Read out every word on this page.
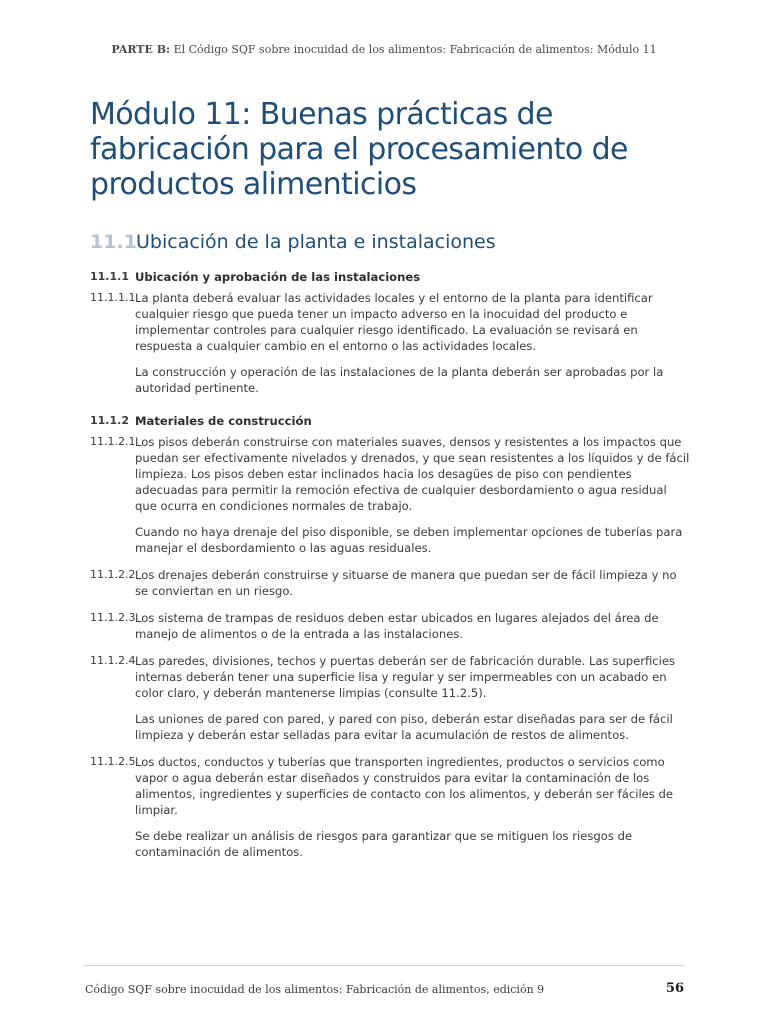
PARTE B: El Código SQF sobre inocuidad de los alimentos: Fabricación de alimentos: Módulo 11
Módulo 11: Buenas prácticas de fabricación para el procesamiento de productos alimenticios
11.1Ubicación de la planta e instalaciones
11.1.1 Ubicación y aprobación de las instalaciones
11.1.1.1 La planta deberá evaluar las actividades locales y el entorno de la planta para identificar cualquier riesgo que pueda tener un impacto adverso en la inocuidad del producto e implementar controles para cualquier riesgo identificado. La evaluación se revisará en respuesta a cualquier cambio en el entorno o las actividades locales.
La construcción y operación de las instalaciones de la planta deberán ser aprobadas por la autoridad pertinente.
11.1.2 Materiales de construcción
11.1.2.1 Los pisos deberán construirse con materiales suaves, densos y resistentes a los impactos que puedan ser efectivamente nivelados y drenados, y que sean resistentes a los líquidos y de fácil limpieza. Los pisos deben estar inclinados hacia los desagües de piso con pendientes adecuadas para permitir la remoción efectiva de cualquier desbordamiento o agua residual que ocurra en condiciones normales de trabajo.
Cuando no haya drenaje del piso disponible, se deben implementar opciones de tuberías para manejar el desbordamiento o las aguas residuales.
11.1.2.2 Los drenajes deberán construirse y situarse de manera que puedan ser de fácil limpieza y no se conviertan en un riesgo.
11.1.2.3 Los sistema de trampas de residuos deben estar ubicados en lugares alejados del área de manejo de alimentos o de la entrada a las instalaciones.
11.1.2.4 Las paredes, divisiones, techos y puertas deberán ser de fabricación durable. Las superficies internas deberán tener una superficie lisa y regular y ser impermeables con un acabado en color claro, y deberán mantenerse limpias (consulte 11.2.5).
Las uniones de pared con pared, y pared con piso, deberán estar diseñadas para ser de fácil limpieza y deberán estar selladas para evitar la acumulación de restos de alimentos.
11.1.2.5 Los ductos, conductos y tuberías que transporten ingredientes, productos o servicios como vapor o agua deberán estar diseñados y construidos para evitar la contaminación de los alimentos, ingredientes y superficies de contacto con los alimentos, y deberán ser fáciles de limpiar.
Se debe realizar un análisis de riesgos para garantizar que se mitiguen los riesgos de contaminación de alimentos.
Código SQF sobre inocuidad de los alimentos: Fabricación de alimentos, edición 9	56
